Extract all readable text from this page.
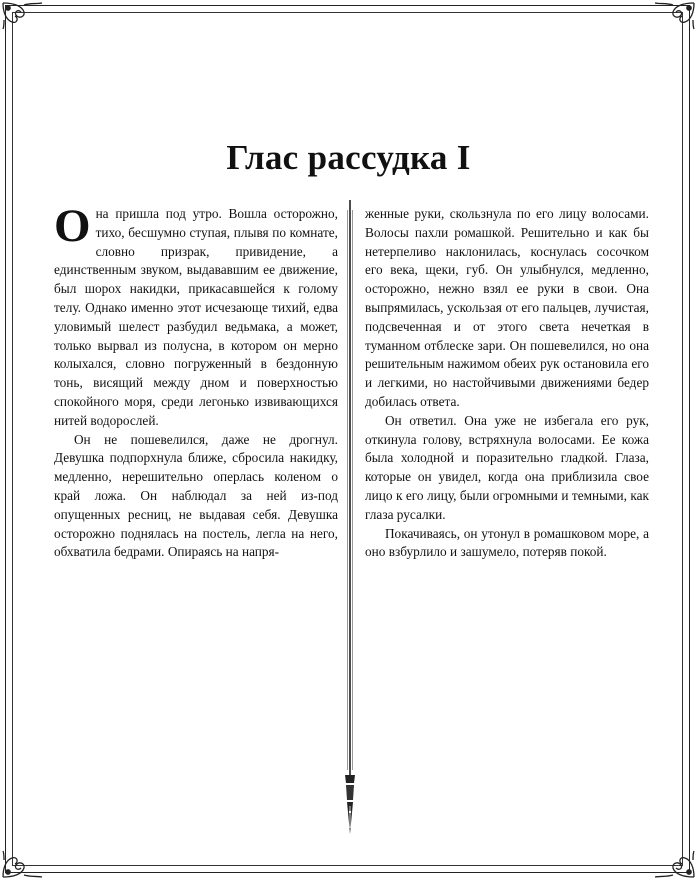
Глас рассудка I

Она пришла под утро. Вошла осторожно, тихо, бесшумно ступая, плывя по комнате, словно призрак, привидение, а единственным звуком, выдававшим ее движение, был шорох накидки, прикасавшейся к голому телу. Однако именно этот исчезающе тихий, едва уловимый шелест разбудил ведьмака, а может, только вырвал из полусна, в котором он мерно колыхался, словно погруженный в бездонную тонь, висящий между дном и поверхностью спокойного моря, среди легонько извивающихся нитей водорослей.

Он не пошевелился, даже не дрогнул. Девушка подпорхнула ближе, сбросила накидку, медленно, нерешительно оперлась коленом о край ложа. Он наблюдал за ней из-под опущенных ресниц, не выдавая себя. Девушка осторожно поднялась на постель, легла на него, обхватила бедрами. Опираясь на напря-

женные руки, скользнула по его лицу волосами. Волосы пахли ромашкой. Решительно и как бы нетерпеливо наклонилась, коснулась сосочком его века, щеки, губ. Он улыбнулся, медленно, осторожно, нежно взял ее руки в свои. Она выпрямилась, ускользая от его пальцев, лучистая, подсвеченная и от этого света нечеткая в туманном отблеске зари. Он пошевелился, но она решительным нажимом обеих рук остановила его и легкими, но настойчивыми движениями бедер добилась ответа.

Он ответил. Она уже не избегала его рук, откинула голову, встряхнула волосами. Ее кожа была холодной и поразительно гладкой. Глаза, которые он увидел, когда она приблизила свое лицо к его лицу, были огромными и темными, как глаза русалки.

Покачиваясь, он утонул в ромашковом море, а оно взбурлило и зашумело, потеряв покой.
